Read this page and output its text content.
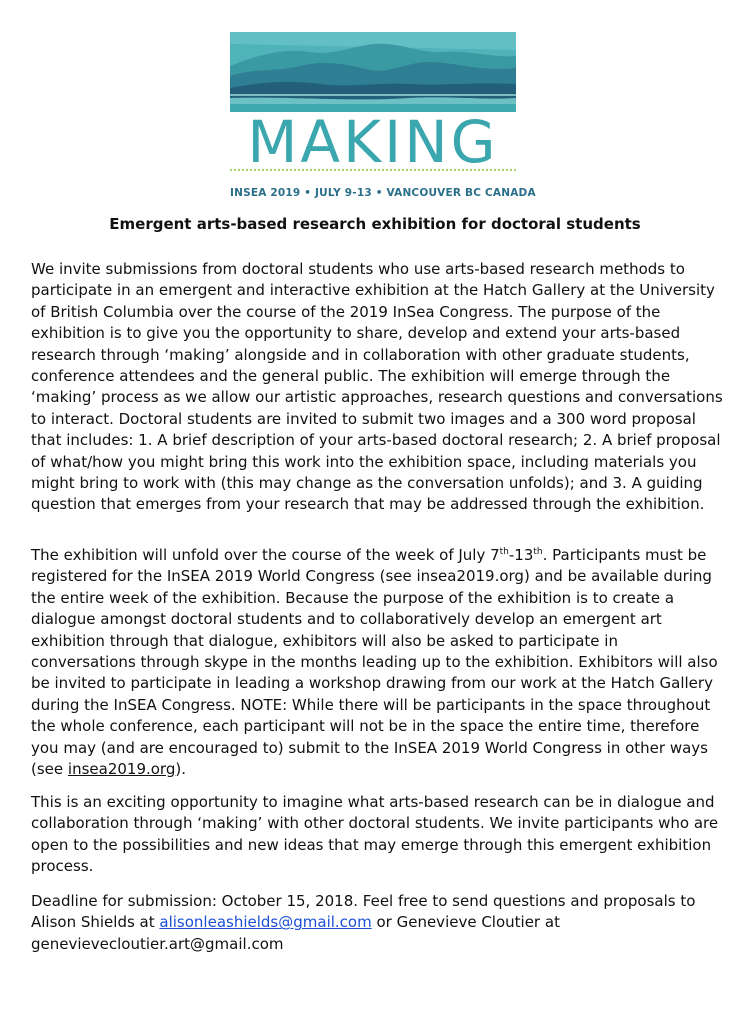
MAKING
INSEA 2019 • JULY 9-13 • VANCOUVER BC CANADA
Emergent arts-based research exhibition for doctoral students

We invite submissions from doctoral students who use arts-based research methods to participate in an emergent and interactive exhibition at the Hatch Gallery at the University of British Columbia over the course of the 2019 InSea Congress. The purpose of the exhibition is to give you the opportunity to share, develop and extend your arts-based research through ‘making’ alongside and in collaboration with other graduate students, conference attendees and the general public. The exhibition will emerge through the ‘making’ process as we allow our artistic approaches, research questions and conversations to interact. Doctoral students are invited to submit two images and a 300 word proposal that includes: 1. A brief description of your arts-based doctoral research; 2. A brief proposal of what/how you might bring this work into the exhibition space, including materials you might bring to work with (this may change as the conversation unfolds); and 3. A guiding question that emerges from your research that may be addressed through the exhibition.

The exhibition will unfold over the course of the week of July 7th-13th. Participants must be registered for the InSEA 2019 World Congress (see insea2019.org) and be available during the entire week of the exhibition. Because the purpose of the exhibition is to create a dialogue amongst doctoral students and to collaboratively develop an emergent art exhibition through that dialogue, exhibitors will also be asked to participate in conversations through skype in the months leading up to the exhibition. Exhibitors will also be invited to participate in leading a workshop drawing from our work at the Hatch Gallery during the InSEA Congress. NOTE: While there will be participants in the space throughout the whole conference, each participant will not be in the space the entire time, therefore you may (and are encouraged to) submit to the InSEA 2019 World Congress in other ways (see insea2019.org).

This is an exciting opportunity to imagine what arts-based research can be in dialogue and collaboration through ‘making’ with other doctoral students. We invite participants who are open to the possibilities and new ideas that may emerge through this emergent exhibition process.

Deadline for submission: October 15, 2018. Feel free to send questions and proposals to Alison Shields at alisonleashields@gmail.com or Genevieve Cloutier at genevievecloutier.art@gmail.com
